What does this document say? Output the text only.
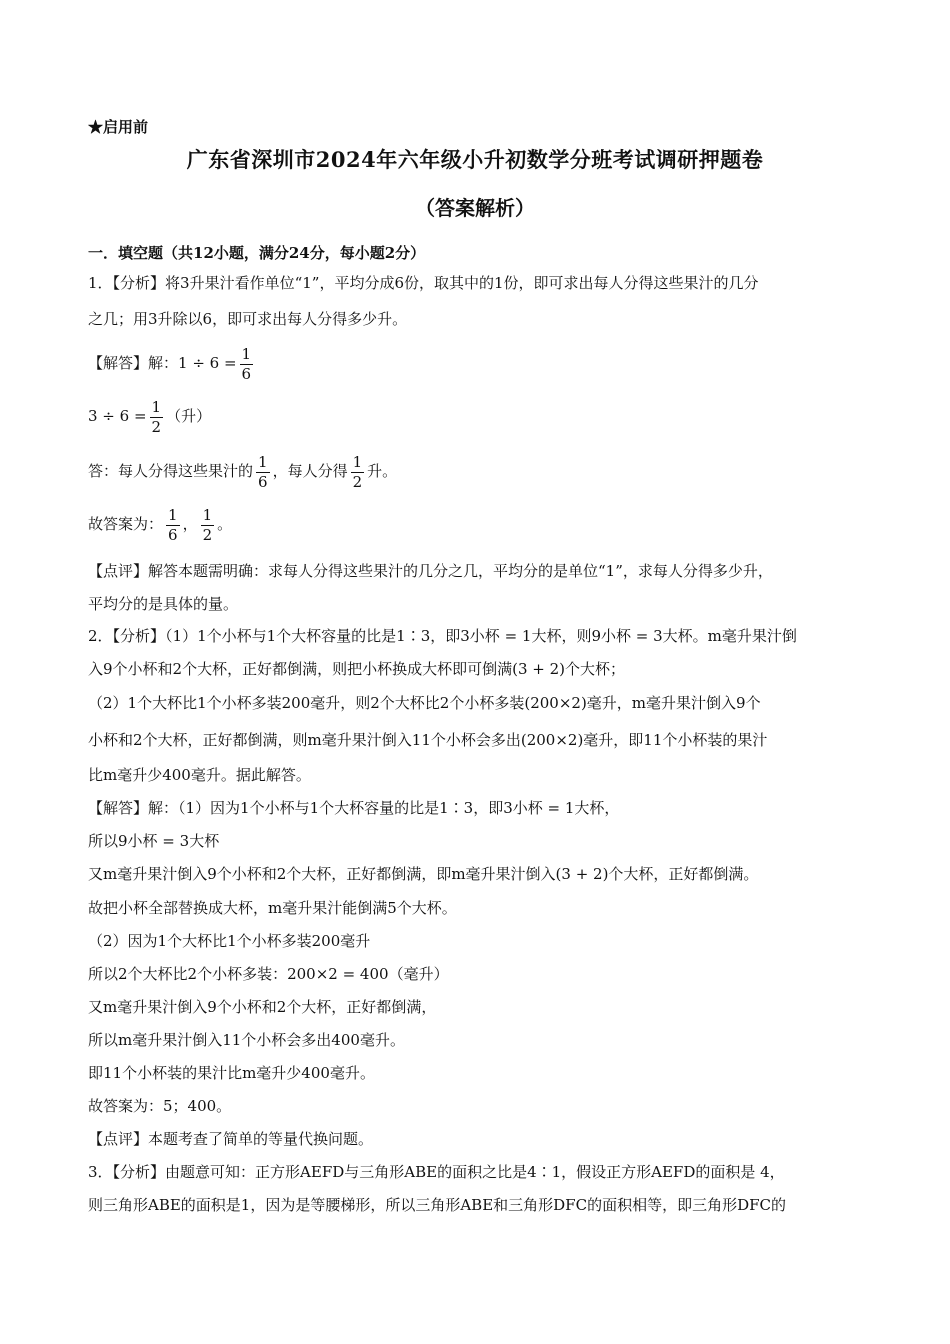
★启用前
广东省深圳市2024年六年级小升初数学分班考试调研押题卷
（答案解析）
一．填空题（共12小题，满分24分，每小题2分）
1．【分析】将3升果汁看作单位“1”，平均分成6份，取其中的1份，即可求出每人分得这些果汁的几分
之几；用3升除以6，即可求出每人分得多少升。
【解答】解：$1 \div 6 = \frac{1}{6}$
$3 \div 6 = \frac{1}{2}$ （升）
答：每人分得这些果汁的 $\frac{1}{6}$ ，每人分得 $\frac{1}{2}$ 升。
故答案为： $\frac{1}{6}$ ， $\frac{1}{2}$ 。
【点评】解答本题需明确：求每人分得这些果汁的几分之几，平均分的是单位“1”，求每人分得多少升，
平均分的是具体的量。
2．【分析】（1）1个小杯与1个大杯容量的比是1∶3，即3小杯 = 1大杯，则9小杯 = 3大杯。m毫升果汁倒
入9个小杯和2个大杯，正好都倒满，则把小杯换成大杯即可倒满(3 + 2)个大杯；
（2）1个大杯比1个小杯多装200毫升，则2个大杯比2个小杯多装(200×2)毫升，m毫升果汁倒入9个
小杯和2个大杯，正好都倒满，则m毫升果汁倒入11个小杯会多出(200×2)毫升，即11个小杯装的果汁
比m毫升少400毫升。据此解答。
【解答】解：（1）因为1个小杯与1个大杯容量的比是1∶3，即3小杯 = 1大杯，
所以9小杯 = 3大杯
又m毫升果汁倒入9个小杯和2个大杯，正好都倒满，即m毫升果汁倒入(3 + 2)个大杯，正好都倒满。
故把小杯全部替换成大杯，m毫升果汁能倒满5个大杯。
（2）因为1个大杯比1个小杯多装200毫升
所以2个大杯比2个小杯多装：200×2 = 400（毫升）
又m毫升果汁倒入9个小杯和2个大杯，正好都倒满，
所以m毫升果汁倒入11个小杯会多出400毫升。
即11个小杯装的果汁比m毫升少400毫升。
故答案为：5；400。
【点评】本题考查了简单的等量代换问题。
3．【分析】由题意可知：正方形AEFD与三角形ABE的面积之比是4∶1，假设正方形AEFD的面积是 4，
则三角形ABE的面积是1，因为是等腰梯形，所以三角形ABE和三角形DFC的面积相等，即三角形DFC的
